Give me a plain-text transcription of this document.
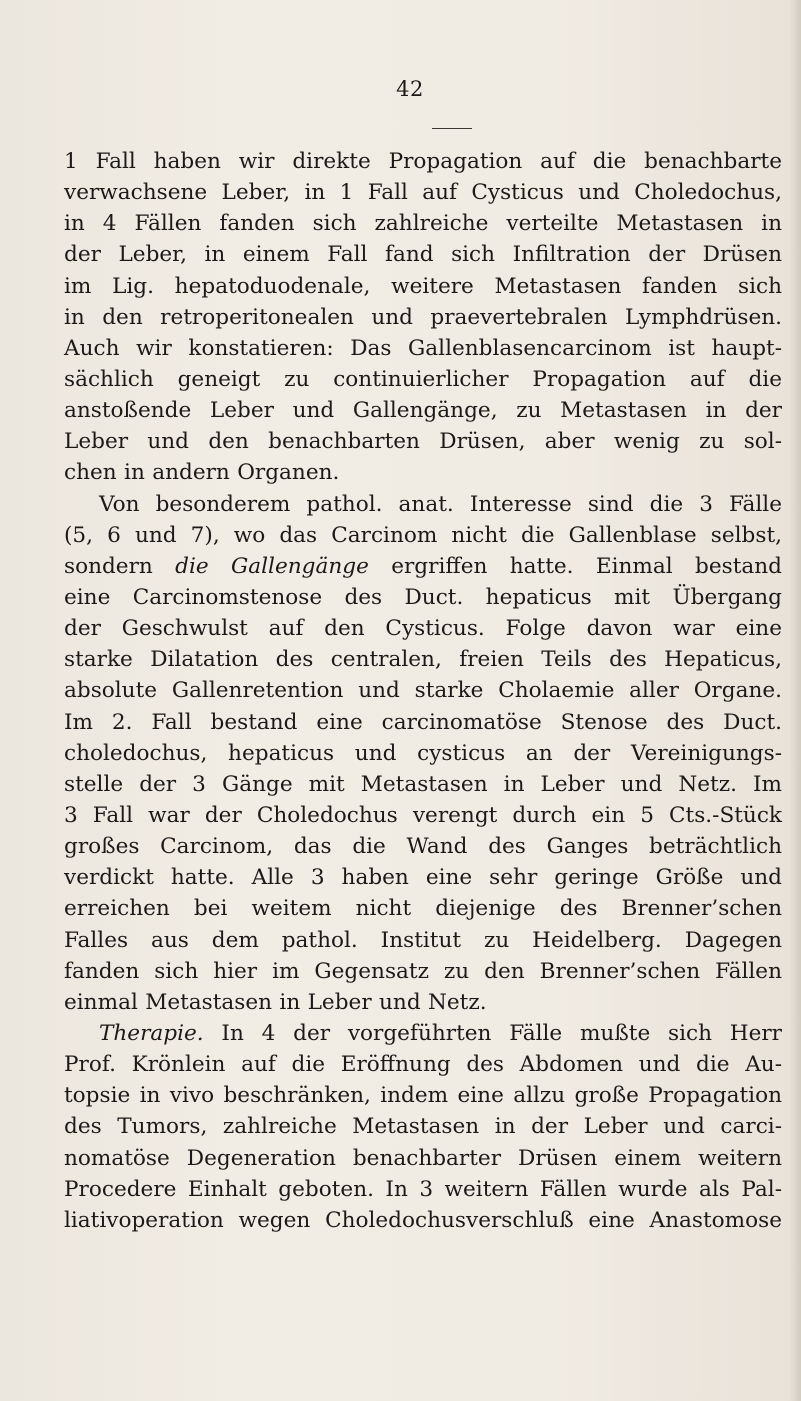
42
1 Fall haben wir direkte Propagation auf die benachbarte
verwachsene Leber, in 1 Fall auf Cysticus und Choledochus,
in 4 Fällen fanden sich zahlreiche verteilte Metastasen in
der Leber, in einem Fall fand sich Infiltration der Drüsen
im Lig. hepatoduodenale, weitere Metastasen fanden sich
in den retroperitonealen und praevertebralen Lymphdrüsen.
Auch wir konstatieren: Das Gallenblasencarcinom ist haupt-
sächlich geneigt zu continuierlicher Propagation auf die
anstoßende Leber und Gallengänge, zu Metastasen in der
Leber und den benachbarten Drüsen, aber wenig zu sol-
chen in andern Organen.
Von besonderem pathol. anat. Interesse sind die 3 Fälle
(5, 6 und 7), wo das Carcinom nicht die Gallenblase selbst,
sondern die Gallengänge ergriffen hatte. Einmal bestand
eine Carcinomstenose des Duct. hepaticus mit Übergang
der Geschwulst auf den Cysticus. Folge davon war eine
starke Dilatation des centralen, freien Teils des Hepaticus,
absolute Gallenretention und starke Cholaemie aller Organe.
Im 2. Fall bestand eine carcinomatöse Stenose des Duct.
choledochus, hepaticus und cysticus an der Vereinigungs-
stelle der 3 Gänge mit Metastasen in Leber und Netz. Im
3 Fall war der Choledochus verengt durch ein 5 Cts.-Stück
großes Carcinom, das die Wand des Ganges beträchtlich
verdickt hatte. Alle 3 haben eine sehr geringe Größe und
erreichen bei weitem nicht diejenige des Brenner’schen
Falles aus dem pathol. Institut zu Heidelberg. Dagegen
fanden sich hier im Gegensatz zu den Brenner’schen Fällen
einmal Metastasen in Leber und Netz.
Therapie. In 4 der vorgeführten Fälle mußte sich Herr
Prof. Krönlein auf die Eröffnung des Abdomen und die Au-
topsie in vivo beschränken, indem eine allzu große Propagation
des Tumors, zahlreiche Metastasen in der Leber und carci-
nomatöse Degeneration benachbarter Drüsen einem weitern
Procedere Einhalt geboten. In 3 weitern Fällen wurde als Pal-
liativoperation wegen Choledochusverschluß eine Anastomose
